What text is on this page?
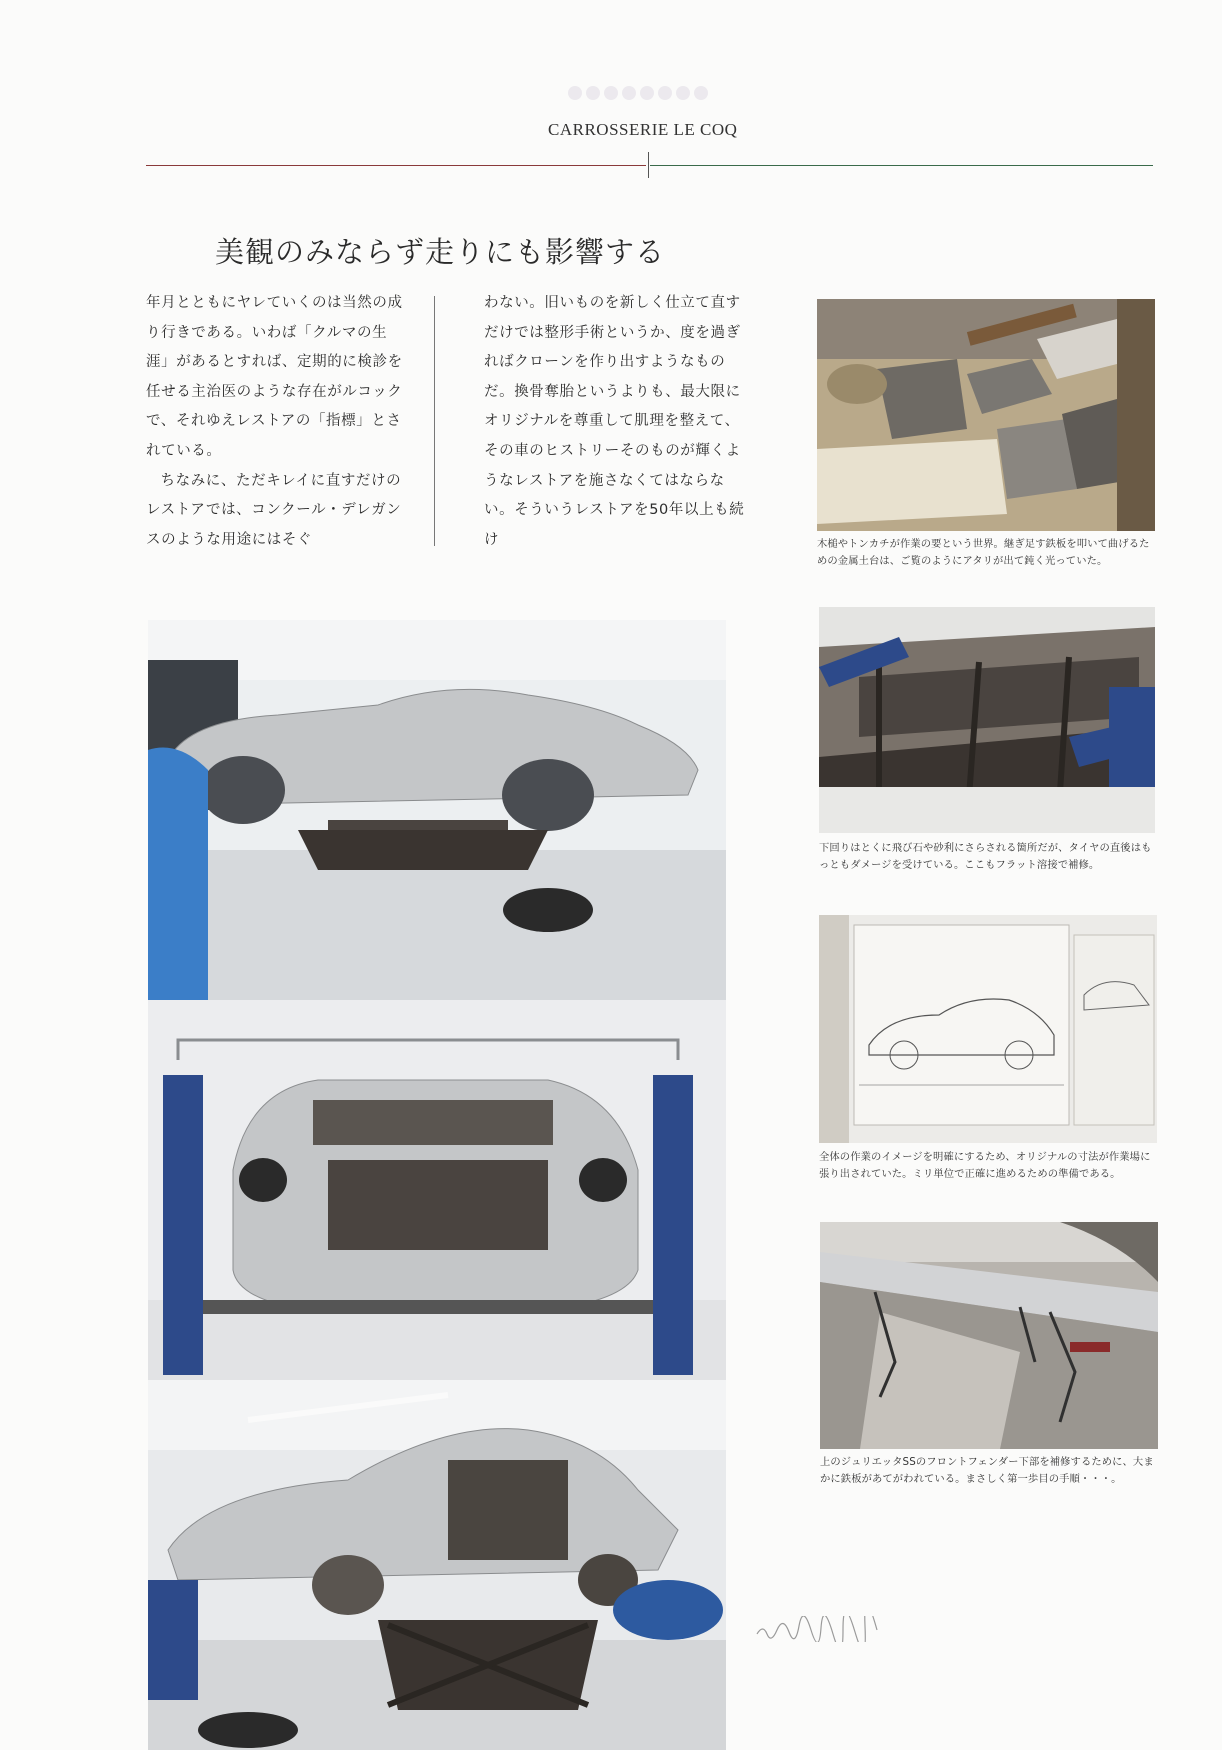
CARROSSERIE LE COQ
美観のみならず走りにも影響する

年月とともにヤレていくのは当然の成り行きである。いわば「クルマの生涯」があるとすれば、定期的に検診を任せる主治医のような存在がルコックで、それゆえレストアの「指標」とされている。

ちなみに、ただキレイに直すだけのレストアでは、コンクール・デレガンスのような用途にはそぐ

わない。旧いものを新しく仕立て直すだけでは整形手術というか、度を過ぎればクローンを作り出すようなものだ。換骨奪胎というよりも、最大限にオリジナルを尊重して肌理を整えて、その車のヒストリーそのものが輝くようなレストアを施さなくてはならない。そういうレストアを50年以上も続け	木槌やトンカチが作業の要という世界。継ぎ足す鉄板を叩いて曲げるための金属土台は、ご覧のようにアタリが出て鈍く光っていた。
下回りはとくに飛び石や砂利にさらされる箇所だが、タイヤの直後はもっともダメージを受けている。ここもフラット溶接で補修。
全体の作業のイメージを明確にするため、オリジナルの寸法が作業場に張り出されていた。ミリ単位で正確に進めるための準備である。
上のジュリエッタSSのフロントフェンダー下部を補修するために、大まかに鉄板があてがわれている。まさしく第一歩目の手順・・・。
